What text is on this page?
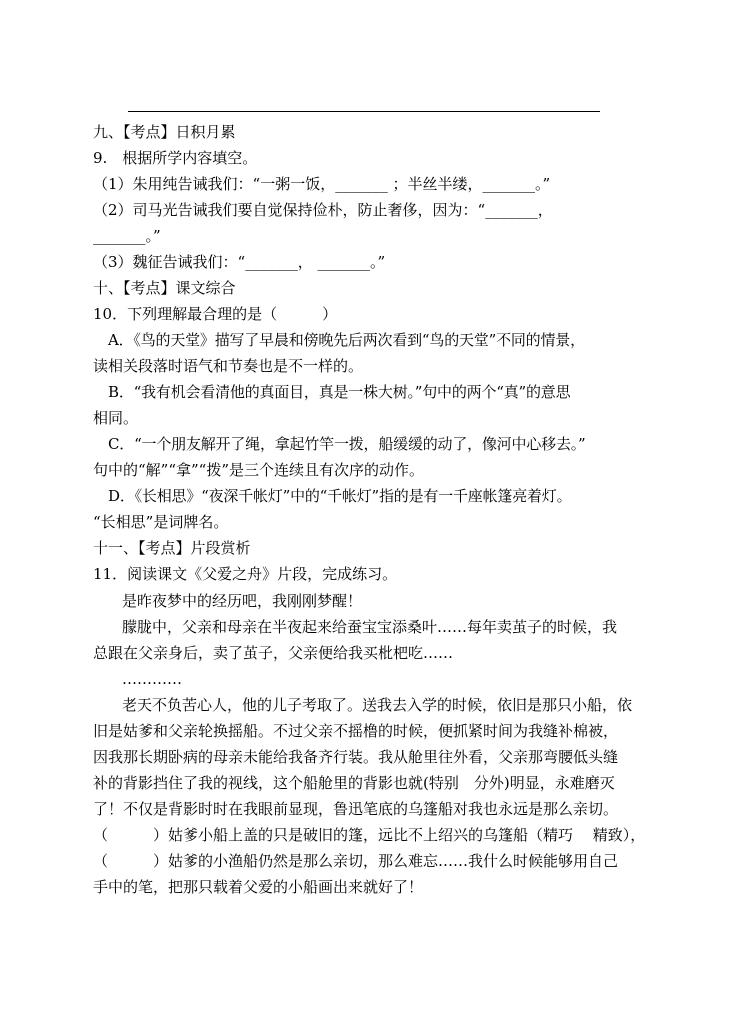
九、【考点】日积月累
9.　根据所学内容填空。
（1）朱用纯告诫我们：“一粥一饭，_______ ；半丝半缕，_______。”
（2）司马光告诫我们要自觉保持俭朴，防止奢侈，因为：“_______，
_______。”
（3）魏征告诫我们：“_______， _______。”
十、【考点】课文综合
10．下列理解最合理的是（　　　）
A．《鸟的天堂》描写了早晨和傍晚先后两次看到“鸟的天堂”不同的情景，
读相关段落时语气和节奏也是不一样的。
B．“我有机会看清他的真面目，真是一株大树。”句中的两个“真”的意思
相同。
C．“一个朋友解开了绳，拿起竹竿一拨，船缓缓的动了，像河中心移去。”
句中的“解”“拿”“拨”是三个连续且有次序的动作。
D．《长相思》“夜深千帐灯”中的“千帐灯”指的是有一千座帐篷亮着灯。
“长相思”是词牌名。
十一、【考点】片段赏析
11．阅读课文《父爱之舟》片段，完成练习。
是昨夜梦中的经历吧，我刚刚梦醒！
朦胧中，父亲和母亲在半夜起来给蚕宝宝添桑叶……每年卖茧子的时候，我
总跟在父亲身后，卖了茧子，父亲便给我买枇杷吃……
…………
老天不负苦心人，他的儿子考取了。送我去入学的时候，依旧是那只小船，依
旧是姑爹和父亲轮换摇船。不过父亲不摇橹的时候，便抓紧时间为我缝补棉被，
因我那长期卧病的母亲未能给我备齐行装。我从舱里往外看，父亲那弯腰低头缝
补的背影挡住了我的视线，这个船舱里的背影也就(特别　分外)明显，永难磨灭
了！不仅是背影时时在我眼前显现，鲁迅笔底的乌篷船对我也永远是那么亲切。
（　　　）姑爹小船上盖的只是破旧的篷，远比不上绍兴的乌篷船（精巧　 精致），
（　　　）姑爹的小渔船仍然是那么亲切，那么难忘……我什么时候能够用自己
手中的笔，把那只载着父爱的小船画出来就好了！
